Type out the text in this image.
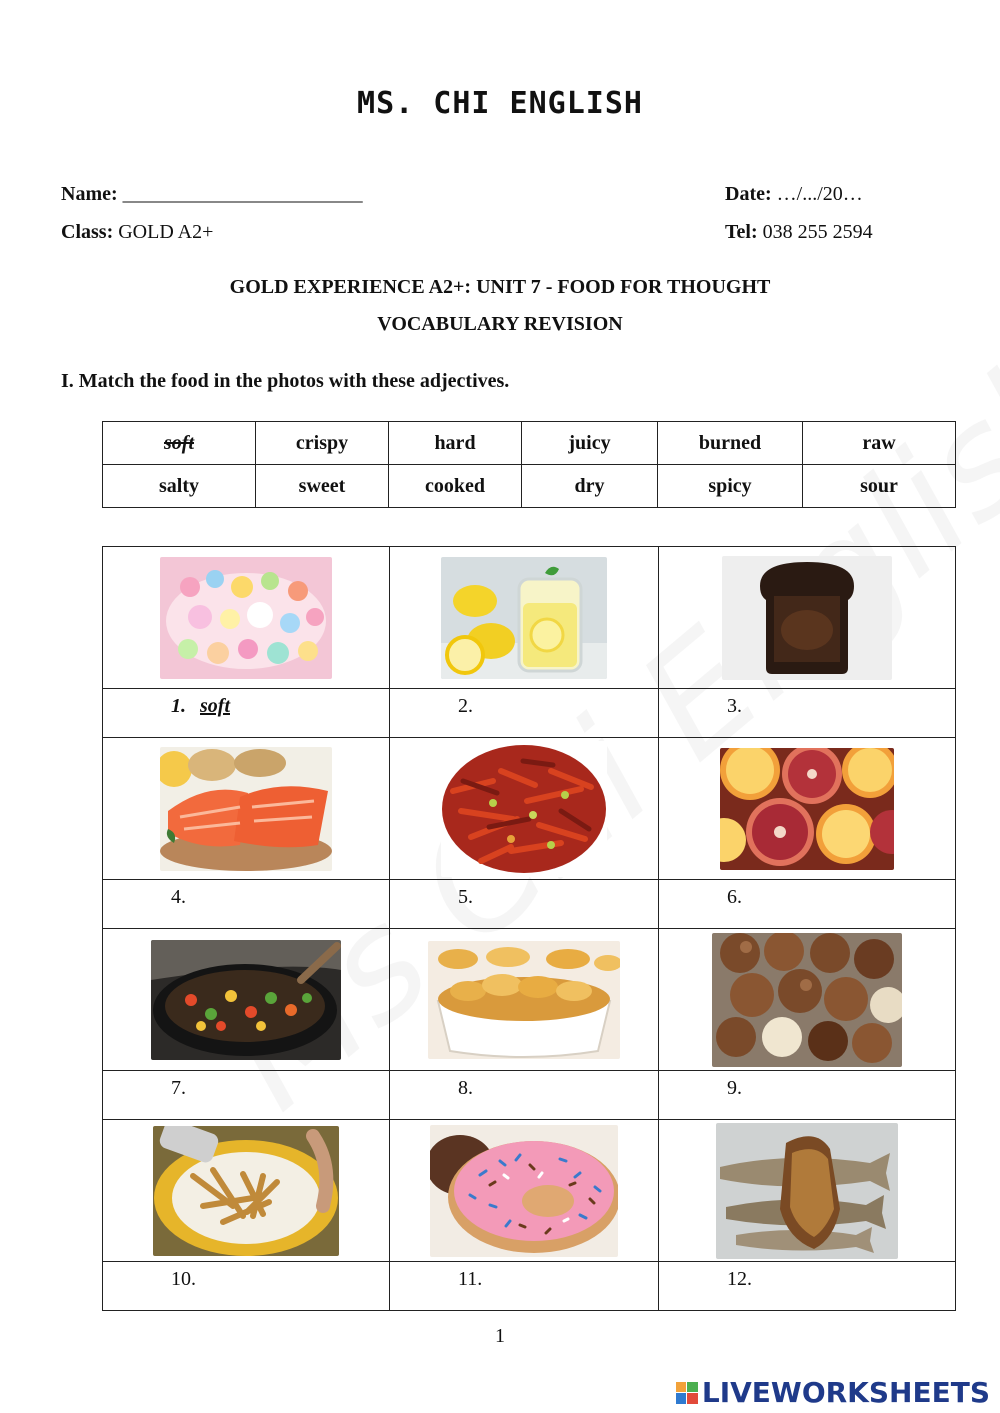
MS. CHI ENGLISH
Name: ________________________	Date: …/.../20…
Class: GOLD A2+	Tel: 038 255 2594
GOLD EXPERIENCE A2+: UNIT 7 - FOOD FOR THOUGHT
VOCABULARY REVISION
I. Match the food in the photos with these adjectives.
soft	crispy	hard	juicy	burned	raw
salty	sweet	cooked	dry	spicy	sour

1. soft	2.	3.

4.	5.	6.

7.	8.	9.

10.	11.	12.
1
LIVEWORKSHEETS
